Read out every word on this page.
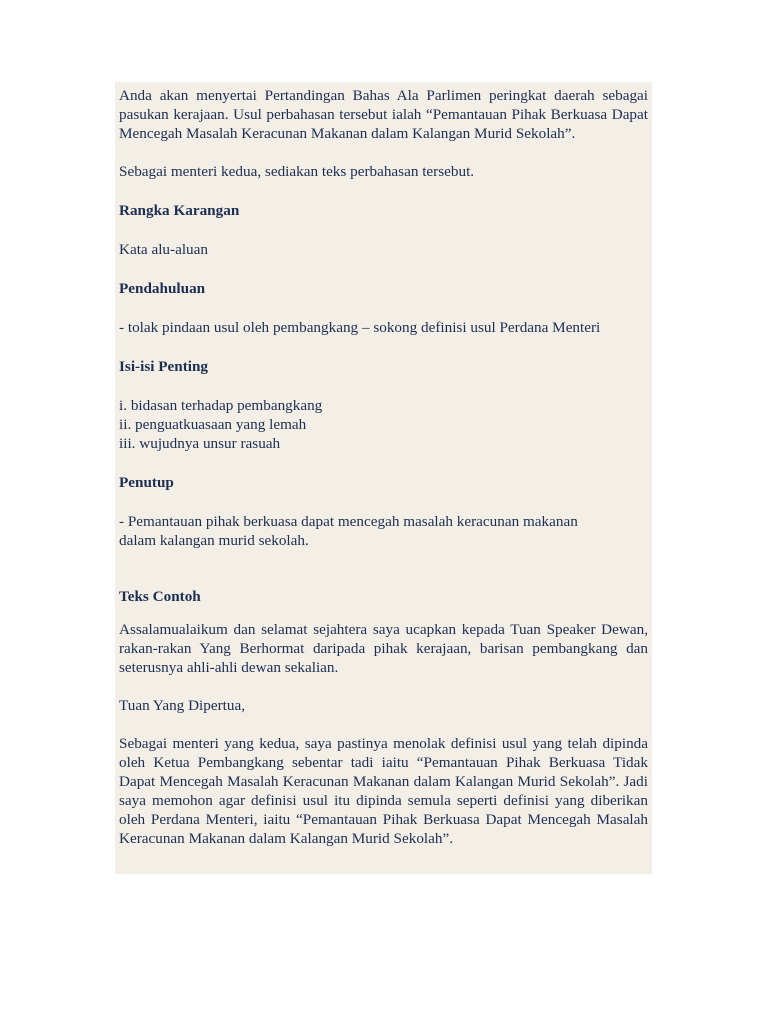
Anda akan menyertai Pertandingan Bahas Ala Parlimen peringkat daerah sebagai pasukan kerajaan. Usul perbahasan tersebut ialah “Pemantauan Pihak Berkuasa Dapat Mencegah Masalah Keracunan Makanan dalam Kalangan Murid Sekolah”.

Sebagai menteri kedua, sediakan teks perbahasan tersebut.

Rangka Karangan

Kata alu-aluan

Pendahuluan

- tolak pindaan usul oleh pembangkang – sokong definisi usul Perdana Menteri

Isi-isi Penting

i. bidasan terhadap pembangkang

ii. penguatkuasaan yang lemah

iii. wujudnya unsur rasuah

Penutup

- Pemantauan pihak berkuasa dapat mencegah masalah keracunan makanan

dalam kalangan murid sekolah.

Teks Contoh

Assalamualaikum dan selamat sejahtera saya ucapkan kepada Tuan Speaker Dewan, rakan-rakan Yang Berhormat daripada pihak kerajaan, barisan pembangkang dan seterusnya ahli-ahli dewan sekalian.

Tuan Yang Dipertua,

Sebagai menteri yang kedua, saya pastinya menolak definisi usul yang telah dipinda oleh Ketua Pembangkang sebentar tadi iaitu “Pemantauan Pihak Berkuasa Tidak Dapat Mencegah Masalah Keracunan Makanan dalam Kalangan Murid Sekolah”. Jadi saya memohon agar definisi usul itu dipinda semula seperti definisi yang diberikan oleh Perdana Menteri, iaitu “Pemantauan Pihak Berkuasa Dapat Mencegah Masalah Keracunan Makanan dalam Kalangan Murid Sekolah”.
